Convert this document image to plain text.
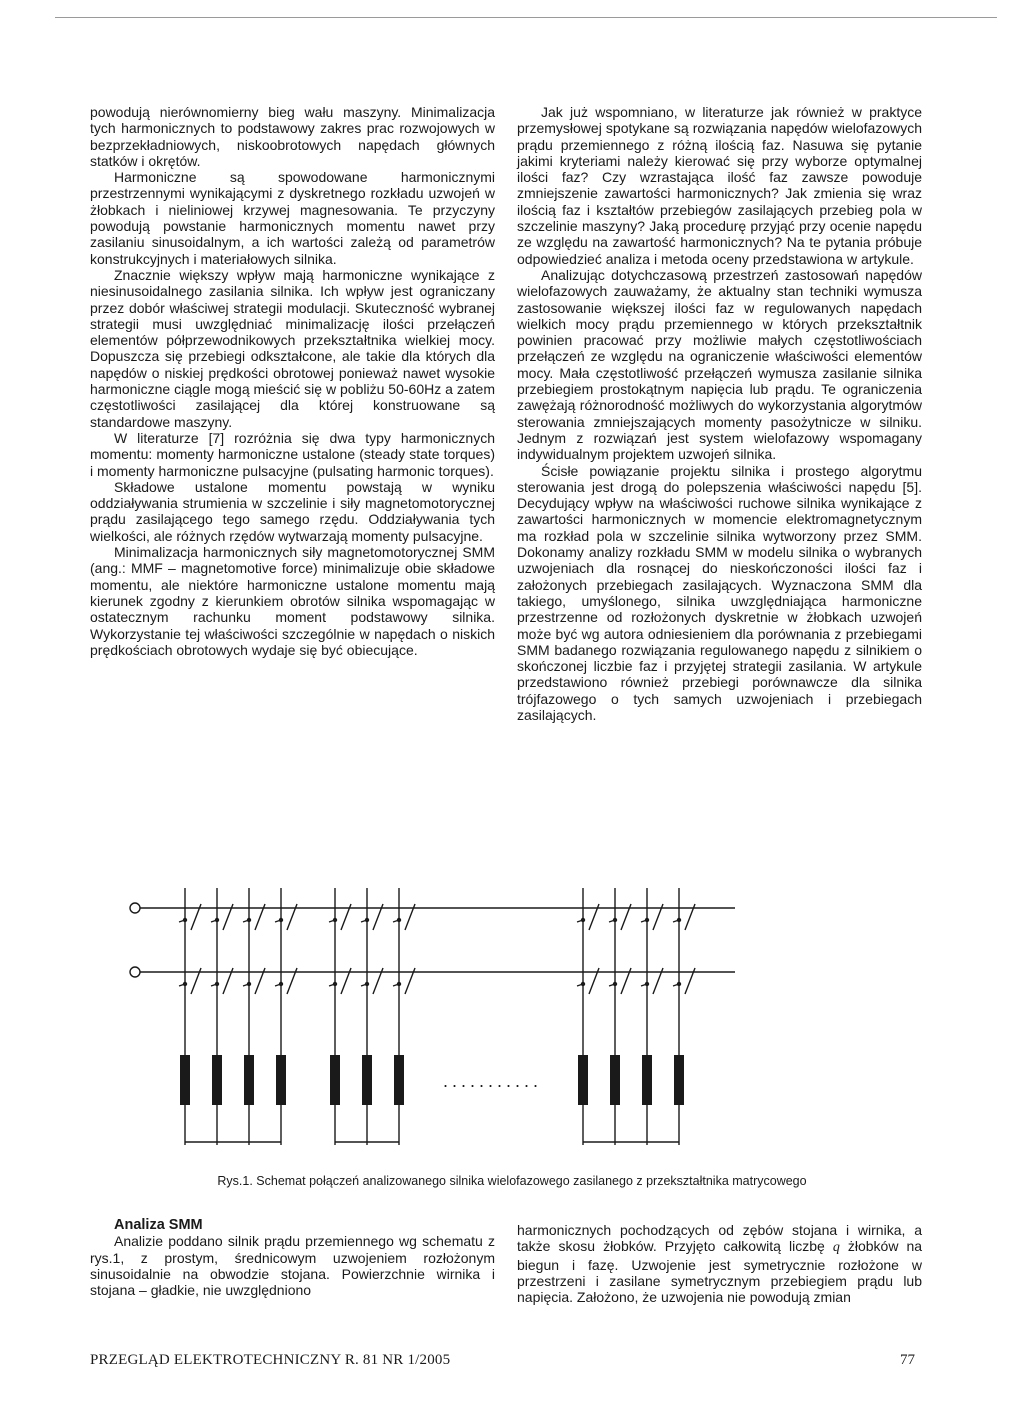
powodują nierównomierny bieg wału maszyny. Minimalizacja tych harmonicznych to podstawowy zakres prac rozwojowych w bezprzekładniowych, niskoobrotowych napędach głównych statków i okrętów.

Harmoniczne są spowodowane harmonicznymi przestrzennymi wynikającymi z dyskretnego rozkładu uzwojeń w żłobkach i nieliniowej krzywej magnesowania. Te przyczyny powodują powstanie harmonicznych momentu nawet przy zasilaniu sinusoidalnym, a ich wartości zależą od parametrów konstrukcyjnych i materiałowych silnika.

Znacznie większy wpływ mają harmoniczne wynikające z niesinusoidalnego zasilania silnika. Ich wpływ jest ograniczany przez dobór właściwej strategii modulacji. Skuteczność wybranej strategii musi uwzględniać minimalizację ilości przełączeń elementów półprzewodnikowych przekształtnika wielkiej mocy. Dopuszcza się przebiegi odkształcone, ale takie dla których dla napędów o niskiej prędkości obrotowej ponieważ nawet wysokie harmoniczne ciągle mogą mieścić się w pobliżu 50-60Hz a zatem częstotliwości zasilającej dla której konstruowane są standardowe maszyny.

W literaturze [7] rozróżnia się dwa typy harmonicznych momentu: momenty harmoniczne ustalone (steady state torques) i momenty harmoniczne pulsacyjne (pulsating harmonic torques).

Składowe ustalone momentu powstają w wyniku oddziaływania strumienia w szczelinie i siły magnetomotorycznej prądu zasilającego tego samego rzędu. Oddziaływania tych wielkości, ale różnych rzędów wytwarzają momenty pulsacyjne.

Minimalizacja harmonicznych siły magnetomotorycznej SMM (ang.: MMF – magnetomotive force) minimalizuje obie składowe momentu, ale niektóre harmoniczne ustalone momentu mają kierunek zgodny z kierunkiem obrotów silnika wspomagając w ostatecznym rachunku moment podstawowy silnika. Wykorzystanie tej właściwości szczególnie w napędach o niskich prędkościach obrotowych wydaje się być obiecujące.

Jak już wspomniano, w literaturze jak również w praktyce przemysłowej spotykane są rozwiązania napędów wielofazowych prądu przemiennego z różną ilością faz. Nasuwa się pytanie jakimi kryteriami należy kierować się przy wyborze optymalnej ilości faz? Czy wzrastająca ilość faz zawsze powoduje zmniejszenie zawartości harmonicznych? Jak zmienia się wraz ilością faz i kształtów przebiegów zasilających przebieg pola w szczelinie maszyny? Jaką procedurę przyjąć przy ocenie napędu ze względu na zawartość harmonicznych? Na te pytania próbuje odpowiedzieć analiza i metoda oceny przedstawiona w artykule.

Analizując dotychczasową przestrzeń zastosowań napędów wielofazowych zauważamy, że aktualny stan techniki wymusza zastosowanie większej ilości faz w regulowanych napędach wielkich mocy prądu przemiennego w których przekształtnik powinien pracować przy możliwie małych częstotliwościach przełączeń ze względu na ograniczenie właściwości elementów mocy. Mała częstotliwość przełączeń wymusza zasilanie silnika przebiegiem prostokątnym napięcia lub prądu. Te ograniczenia zawężają różnorodność możliwych do wykorzystania algorytmów sterowania zmniejszających momenty pasożytnicze w silniku. Jednym z rozwiązań jest system wielofazowy wspomagany indywidualnym projektem uzwojeń silnika.

Ścisłe powiązanie projektu silnika i prostego algorytmu sterowania jest drogą do polepszenia właściwości napędu [5]. Decydujący wpływ na właściwości ruchowe silnika wynikające z zawartości harmonicznych w momencie elektromagnetycznym ma rozkład pola w szczelinie silnika wytworzony przez SMM. Dokonamy analizy rozkładu SMM w modelu silnika o wybranych uzwojeniach dla rosnącej do nieskończoności ilości faz i założonych przebiegach zasilających. Wyznaczona SMM dla takiego, umyślonego, silnika uwzględniająca harmoniczne przestrzenne od rozłożonych dyskretnie w żłobkach uzwojeń może być wg autora odniesieniem dla porównania z przebiegami SMM badanego rozwiązania regulowanego napędu z silnikiem o skończonej liczbie faz i przyjętej strategii zasilania. W artykule przedstawiono również przebiegi porównawcze dla silnika trójfazowego o tych samych uzwojeniach i przebiegach zasilających.

...........
Rys.1. Schemat połączeń analizowanego silnika wielofazowego zasilanego z przekształtnika matrycowego

Analiza SMM

Analizie poddano silnik prądu przemiennego wg schematu z rys.1, z prostym, średnicowym uzwojeniem rozłożonym sinusoidalnie na obwodzie stojana. Powierzchnie wirnika i stojana – gładkie, nie uwzględniono

harmonicznych pochodzących od zębów stojana i wirnika, a także skosu żłobków. Przyjęto całkowitą liczbę q żłobków na biegun i fazę. Uzwojenie jest symetrycznie rozłożone w przestrzeni i zasilane symetrycznym przebiegiem prądu lub napięcia. Założono, że uzwojenia nie powodują zmian

PRZEGLĄD ELEKTROTECHNICZNY R. 81 NR 1/2005	77
